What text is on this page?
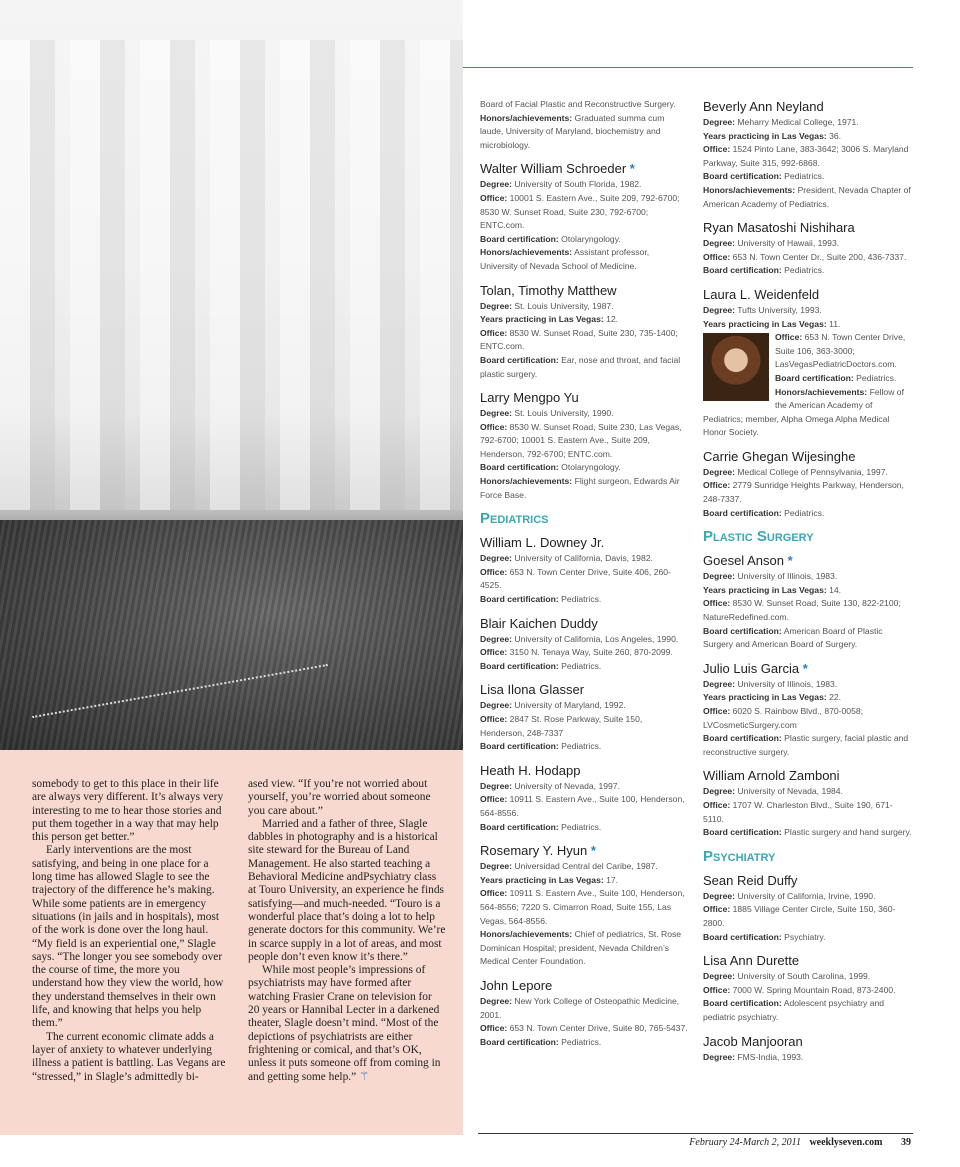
somebody to get to this place in their life are always very different. It’s always very interesting to me to hear those stories and put them together in a way that may help this person get better.”

Early interventions are the most satisfying, and being in one place for a long time has allowed Slagle to see the trajectory of the difference he’s making. While some patients are in emergency situations (in jails and in hospitals), most of the work is done over the long haul. “My field is an experiential one,” Slagle says. “The longer you see somebody over the course of time, the more you understand how they view the world, how they understand themselves in their own life, and knowing that helps you help them.”

The current economic climate adds a layer of anxiety to whatever underlying illness a patient is battling. Las Vegans are “stressed,” in Slagle’s admittedly bi-

ased view. “If you’re not worried about yourself, you’re worried about someone you care about.”

Married and a father of three, Slagle dabbles in photography and is a historical site steward for the Bureau of Land Management. He also started teaching a Behavioral Medicine andPsychiatry class at Touro University, an experience he finds satisfying—and much-needed. “Touro is a wonderful place that’s doing a lot to help generate doctors for this community. We’re in scarce supply in a lot of areas, and most people don’t even know it’s there.”

While most people’s impressions of psychiatrists may have formed after watching Frasier Crane on television for 20 years or Hannibal Lecter in a darkened theater, Slagle doesn’t mind. “Most of the depictions of psychiatrists are either frightening or comical, and that’s OK, unless it puts someone off from coming in and getting some help.” ⚚

Board of Facial Plastic and Reconstructive Surgery.
Honors/achievements: Graduated summa cum laude, University of Maryland, biochemistry and microbiology.
Walter William Schroeder *
Degree: University of South Florida, 1982.
Office: 10001 S. Eastern Ave., Suite 209, 792-6700; 8530 W. Sunset Road, Suite 230, 792-6700; ENTC.com.
Board certification: Otolaryngology.
Honors/achievements: Assistant professor, University of Nevada School of Medicine.
Tolan, Timothy Matthew
Degree: St. Louis University, 1987.
Years practicing in Las Vegas: 12.
Office: 8530 W. Sunset Road, Suite 230, 735-1400; ENTC.com.
Board certification: Ear, nose and throat, and facial plastic surgery.
Larry Mengpo Yu
Degree: St. Louis University, 1990.
Office: 8530 W. Sunset Road, Suite 230, Las Vegas, 792-6700; 10001 S. Eastern Ave., Suite 209, Henderson, 792-6700; ENTC.com.
Board certification: Otolaryngology.
Honors/achievements: Flight surgeon, Edwards Air Force Base.
Pediatrics
William L. Downey Jr.
Degree: University of California, Davis, 1982.
Office: 653 N. Town Center Drive, Suite 406, 260-4525.
Board certification: Pediatrics.
Blair Kaichen Duddy
Degree: University of California, Los Angeles, 1990.
Office: 3150 N. Tenaya Way, Suite 260, 870-2099.
Board certification: Pediatrics.
Lisa Ilona Glasser
Degree: University of Maryland, 1992.
Office: 2847 St. Rose Parkway, Suite 150, Henderson, 248-7337
Board certification: Pediatrics.
Heath H. Hodapp
Degree: University of Nevada, 1997.
Office: 10911 S. Eastern Ave., Suite 100, Henderson, 564-8556.
Board certification: Pediatrics.
Rosemary Y. Hyun *
Degree: Universidad Central del Caribe, 1987.
Years practicing in Las Vegas: 17.
Office: 10911 S. Eastern Ave., Suite 100, Henderson, 564-8556; 7220 S. Cimarron Road, Suite 155, Las Vegas, 564-8556.
Honors/achievements: Chief of pediatrics, St. Rose Dominican Hospital; president, Nevada Children’s Medical Center Foundation.
John Lepore
Degree: New York College of Osteopathic Medicine, 2001.
Office: 653 N. Town Center Drive, Suite 80, 765-5437.
Board certification: Pediatrics.
Beverly Ann Neyland
Degree: Meharry Medical College, 1971.
Years practicing in Las Vegas: 36.
Office: 1524 Pinto Lane, 383-3642; 3006 S. Maryland Parkway, Suite 315, 992-6868.
Board certification: Pediatrics.
Honors/achievements: President, Nevada Chapter of American Academy of Pediatrics.
Ryan Masatoshi Nishihara
Degree: University of Hawaii, 1993.
Office: 653 N. Town Center Dr., Suite 200, 436-7337.
Board certification: Pediatrics.
Laura L. Weidenfeld
Degree: Tufts University, 1993.
Years practicing in Las Vegas: 11.
Office: 653 N. Town Center Drive, Suite 106, 363-3000; LasVegasPediatricDoctors.com.
Board certification: Pediatrics.
Honors/achievements: Fellow of the American Academy of Pediatrics; member, Alpha Omega Alpha Medical Honor Society.
Carrie Ghegan Wijesinghe
Degree: Medical College of Pennsylvania, 1997.
Office: 2779 Sunridge Heights Parkway, Henderson, 248-7337.
Board certification: Pediatrics.
Plastic Surgery
Goesel Anson *
Degree: University of Illinois, 1983.
Years practicing in Las Vegas: 14.
Office: 8530 W. Sunset Road, Suite 130, 822-2100; NatureRedefined.com.
Board certification: American Board of Plastic Surgery and American Board of Surgery.
Julio Luis Garcia *
Degree: University of Illinois, 1983.
Years practicing in Las Vegas: 22.
Office: 6020 S. Rainbow Blvd., 870-0058; LVCosmeticSurgery.com
Board certification: Plastic surgery, facial plastic and reconstructive surgery.
William Arnold Zamboni
Degree: University of Nevada, 1984.
Office: 1707 W. Charleston Blvd., Suite 190, 671-5110.
Board certification: Plastic surgery and hand surgery.
Psychiatry
Sean Reid Duffy
Degree: University of California, Irvine, 1990.
Office: 1885 Village Center Circle, Suite 150, 360-2800.
Board certification: Psychiatry.
Lisa Ann Durette
Degree: University of South Carolina, 1999.
Office: 7000 W. Spring Mountain Road, 873-2400.
Board certification: Adolescent psychiatry and pediatric psychiatry.
Jacob Manjooran
Degree: FMS-India, 1993.
February 24-March 2, 2011 weeklyseven.com 39
